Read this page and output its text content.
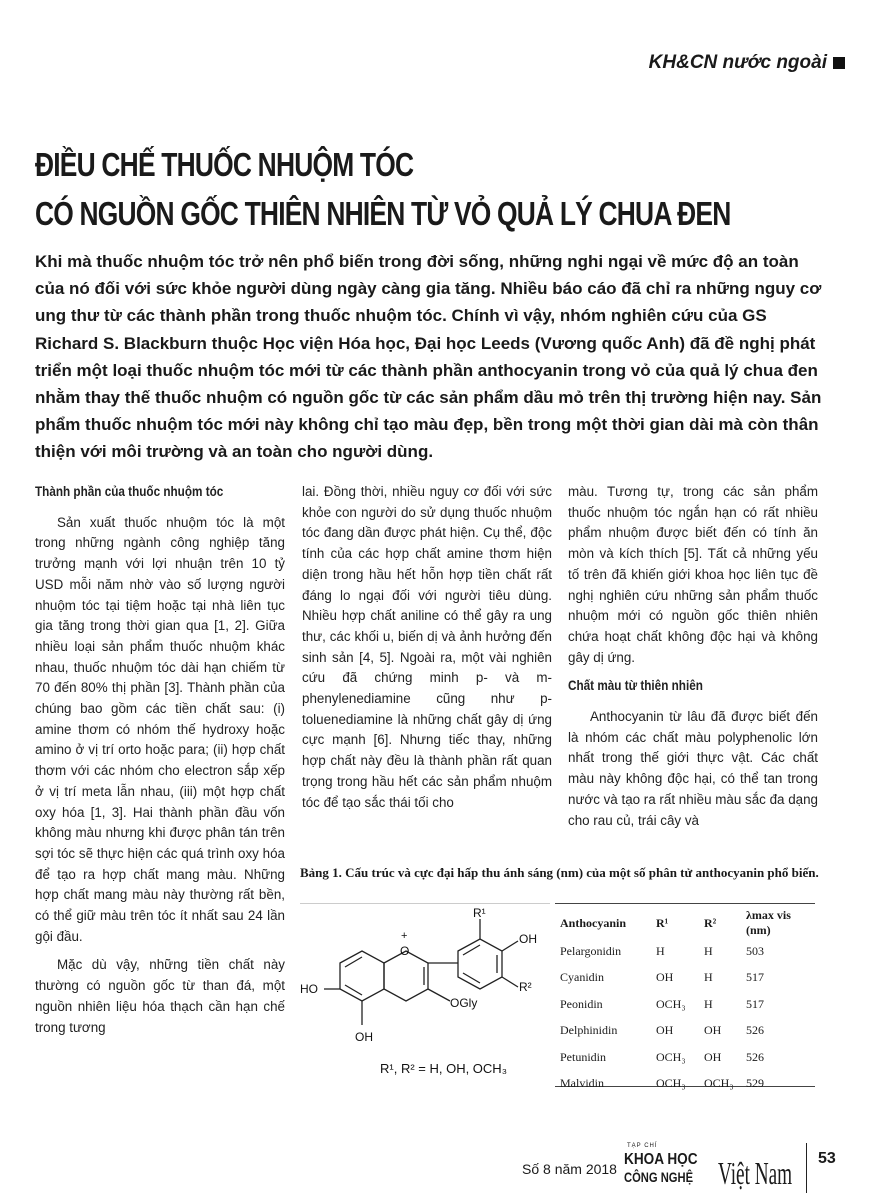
KH&CN nước ngoài
ĐIỀU CHẾ THUỐC NHUỘM TÓC
CÓ NGUỒN GỐC THIÊN NHIÊN TỪ VỎ QUẢ LÝ CHUA ĐEN

Khi mà thuốc nhuộm tóc trở nên phổ biến trong đời sống, những nghi ngại về mức độ an toàn của nó đối với sức khỏe người dùng ngày càng gia tăng. Nhiều báo cáo đã chỉ ra những nguy cơ ung thư từ các thành phần trong thuốc nhuộm tóc. Chính vì vậy, nhóm nghiên cứu của GS Richard S. Blackburn thuộc Học viện Hóa học, Đại học Leeds (Vương quốc Anh) đã đề nghị phát triển một loại thuốc nhuộm tóc mới từ các thành phần anthocyanin trong vỏ của quả lý chua đen nhằm thay thế thuốc nhuộm có nguồn gốc từ các sản phẩm dầu mỏ trên thị trường hiện nay. Sản phẩm thuốc nhuộm tóc mới này không chỉ tạo màu đẹp, bền trong một thời gian dài mà còn thân thiện với môi trường và an toàn cho người dùng.

Thành phần của thuốc nhuộm tóc

Sản xuất thuốc nhuộm tóc là một trong những ngành công nghiệp tăng trưởng mạnh với lợi nhuận trên 10 tỷ USD mỗi năm nhờ vào số lượng người nhuộm tóc tại tiệm hoặc tại nhà liên tục gia tăng trong thời gian qua [1, 2]. Giữa nhiều loại sản phẩm thuốc nhuộm khác nhau, thuốc nhuộm tóc dài hạn chiếm từ 70 đến 80% thị phần [3]. Thành phần của chúng bao gồm các tiền chất sau: (i) amine thơm có nhóm thế hydroxy hoặc amino ở vị trí orto hoặc para; (ii) hợp chất thơm với các nhóm cho electron sắp xếp ở vị trí meta lẫn nhau, (iii) một hợp chất oxy hóa [1, 3]. Hai thành phần đầu vốn không màu nhưng khi được phân tán trên sợi tóc sẽ thực hiện các quá trình oxy hóa để tạo ra hợp chất mang màu. Những hợp chất mang màu này thường rất bền, có thể giữ màu trên tóc ít nhất sau 24 lần gội đầu.

Mặc dù vậy, những tiền chất này thường có nguồn gốc từ than đá, một nguồn nhiên liệu hóa thạch cần hạn chế trong tương

lai. Đồng thời, nhiều nguy cơ đối với sức khỏe con người do sử dụng thuốc nhuộm tóc đang dần được phát hiện. Cụ thể, độc tính của các hợp chất amine thơm hiện diện trong hầu hết hỗn hợp tiền chất rất đáng lo ngại đối với người tiêu dùng. Nhiều hợp chất aniline có thể gây ra ung thư, các khối u, biến dị và ảnh hưởng đến sinh sản [4, 5]. Ngoài ra, một vài nghiên cứu đã chứng minh p- và m-phenylenediamine cũng như p-toluenediamine là những chất gây dị ứng cực mạnh [6]. Nhưng tiếc thay, những hợp chất này đều là thành phần rất quan trọng trong hầu hết các sản phẩm nhuộm tóc để tạo sắc thái tối cho

màu. Tương tự, trong các sản phẩm thuốc nhuộm tóc ngắn hạn có rất nhiều phẩm nhuộm được biết đến có tính ăn mòn và kích thích [5]. Tất cả những yếu tố trên đã khiến giới khoa học liên tục đề nghị nghiên cứu những sản phẩm thuốc nhuộm mới có nguồn gốc thiên nhiên chứa hoạt chất không độc hại và không gây dị ứng.

Chất màu từ thiên nhiên

Anthocyanin từ lâu đã được biết đến là nhóm các chất màu polyphenolic lớn nhất trong thế giới thực vật. Các chất màu này không độc hại, có thể tan trong nước và tạo ra rất nhiều màu sắc đa dạng cho rau củ, trái cây và

Bảng 1. Cấu trúc và cực đại hấp thu ánh sáng (nm) của một số phân tử anthocyanin phổ biến.
O
+
HO
OH
OGly
R¹
OH
R²
R¹, R² = H, OH, OCH₃
Anthocyanin	R¹	R²	λmax vis (nm)
Pelargonidin	H	H	503
Cyanidin	OH	H	517
Peonidin	OCH₃	H	517
Delphinidin	OH	OH	526
Petunidin	OCH₃	OH	526
Malvidin	OCH₃	OCH₃	529
Số 8 năm 2018
TẠP CHÍ
KHOA HỌC
CÔNG NGHỆ Việt Nam 53
